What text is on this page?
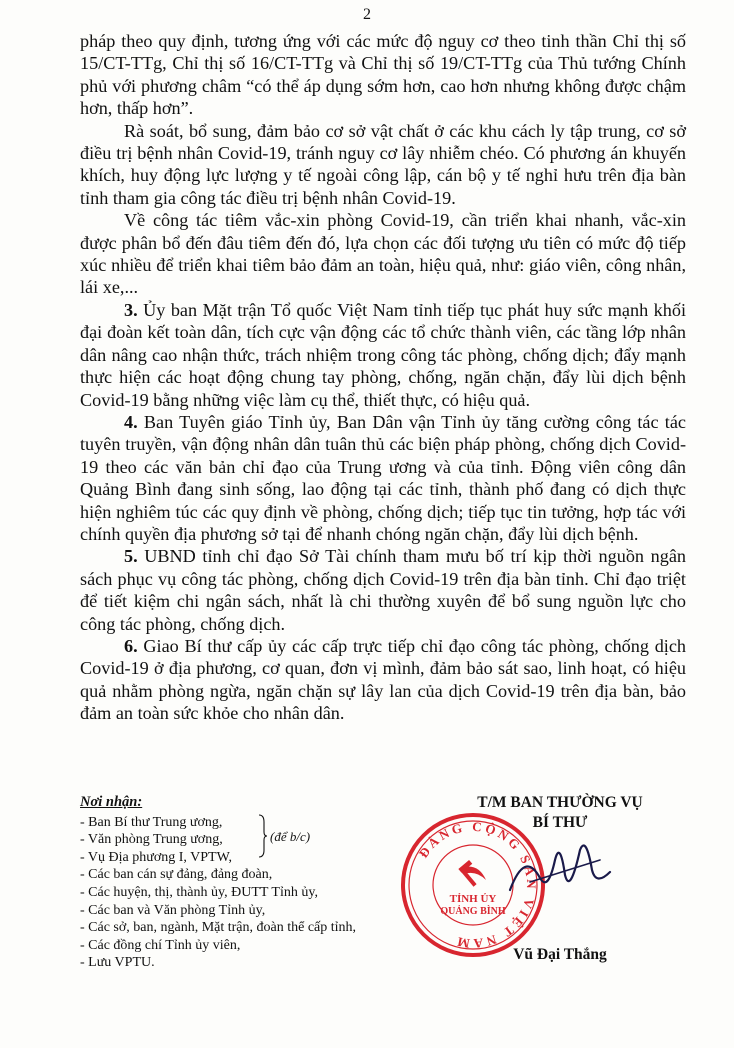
2

pháp theo quy định, tương ứng với các mức độ nguy cơ theo tinh thần Chỉ thị số 15/CT-TTg, Chỉ thị số 16/CT-TTg và Chỉ thị số 19/CT-TTg của Thủ tướng Chính phủ với phương châm “có thể áp dụng sớm hơn, cao hơn nhưng không được chậm hơn, thấp hơn”.

Rà soát, bổ sung, đảm bảo cơ sở vật chất ở các khu cách ly tập trung, cơ sở điều trị bệnh nhân Covid-19, tránh nguy cơ lây nhiễm chéo. Có phương án khuyến khích, huy động lực lượng y tế ngoài công lập, cán bộ y tế nghỉ hưu trên địa bàn tỉnh tham gia công tác điều trị bệnh nhân Covid-19.

Về công tác tiêm vắc-xin phòng Covid-19, cần triển khai nhanh, vắc-xin được phân bổ đến đâu tiêm đến đó, lựa chọn các đối tượng ưu tiên có mức độ tiếp xúc nhiều để triển khai tiêm bảo đảm an toàn, hiệu quả, như: giáo viên, công nhân, lái xe,...

3. Ủy ban Mặt trận Tổ quốc Việt Nam tỉnh tiếp tục phát huy sức mạnh khối đại đoàn kết toàn dân, tích cực vận động các tổ chức thành viên, các tầng lớp nhân dân nâng cao nhận thức, trách nhiệm trong công tác phòng, chống dịch; đẩy mạnh thực hiện các hoạt động chung tay phòng, chống, ngăn chặn, đẩy lùi dịch bệnh Covid-19 bằng những việc làm cụ thể, thiết thực, có hiệu quả.

4. Ban Tuyên giáo Tỉnh ủy, Ban Dân vận Tỉnh ủy tăng cường công tác tác tuyên truyền, vận động nhân dân tuân thủ các biện pháp phòng, chống dịch Covid-19 theo các văn bản chỉ đạo của Trung ương và của tỉnh. Động viên công dân Quảng Bình đang sinh sống, lao động tại các tỉnh, thành phố đang có dịch thực hiện nghiêm túc các quy định về phòng, chống dịch; tiếp tục tin tưởng, hợp tác với chính quyền địa phương sở tại để nhanh chóng ngăn chặn, đẩy lùi dịch bệnh.

5. UBND tỉnh chỉ đạo Sở Tài chính tham mưu bố trí kịp thời nguồn ngân sách phục vụ công tác phòng, chống dịch Covid-19 trên địa bàn tỉnh. Chỉ đạo triệt để tiết kiệm chi ngân sách, nhất là chi thường xuyên để bổ sung nguồn lực cho công tác phòng, chống dịch.

6. Giao Bí thư cấp ủy các cấp trực tiếp chỉ đạo công tác phòng, chống dịch Covid-19 ở địa phương, cơ quan, đơn vị mình, đảm bảo sát sao, linh hoạt, có hiệu quả nhằm phòng ngừa, ngăn chặn sự lây lan của dịch Covid-19 trên địa bàn, bảo đảm an toàn sức khỏe cho nhân dân.

Nơi nhận:
- Ban Bí thư Trung ương,
- Văn phòng Trung ương,
- Vụ Địa phương I, VPTW,
- Các ban cán sự đảng, đảng đoàn,
- Các huyện, thị, thành ủy, ĐUTT Tỉnh ủy,
- Các ban và Văn phòng Tỉnh ủy,
- Các sở, ban, ngành, Mặt trận, đoàn thể cấp tỉnh,
- Các đồng chí Tỉnh ủy viên,
- Lưu VPTU.
(để b/c)
T/M BAN THƯỜNG VỤ
BÍ THƯ
Vũ Đại Thắng
ĐẢNG CỘNG SẢN VIỆT NAM
TỈNH ỦY
QUẢNG BÌNH
